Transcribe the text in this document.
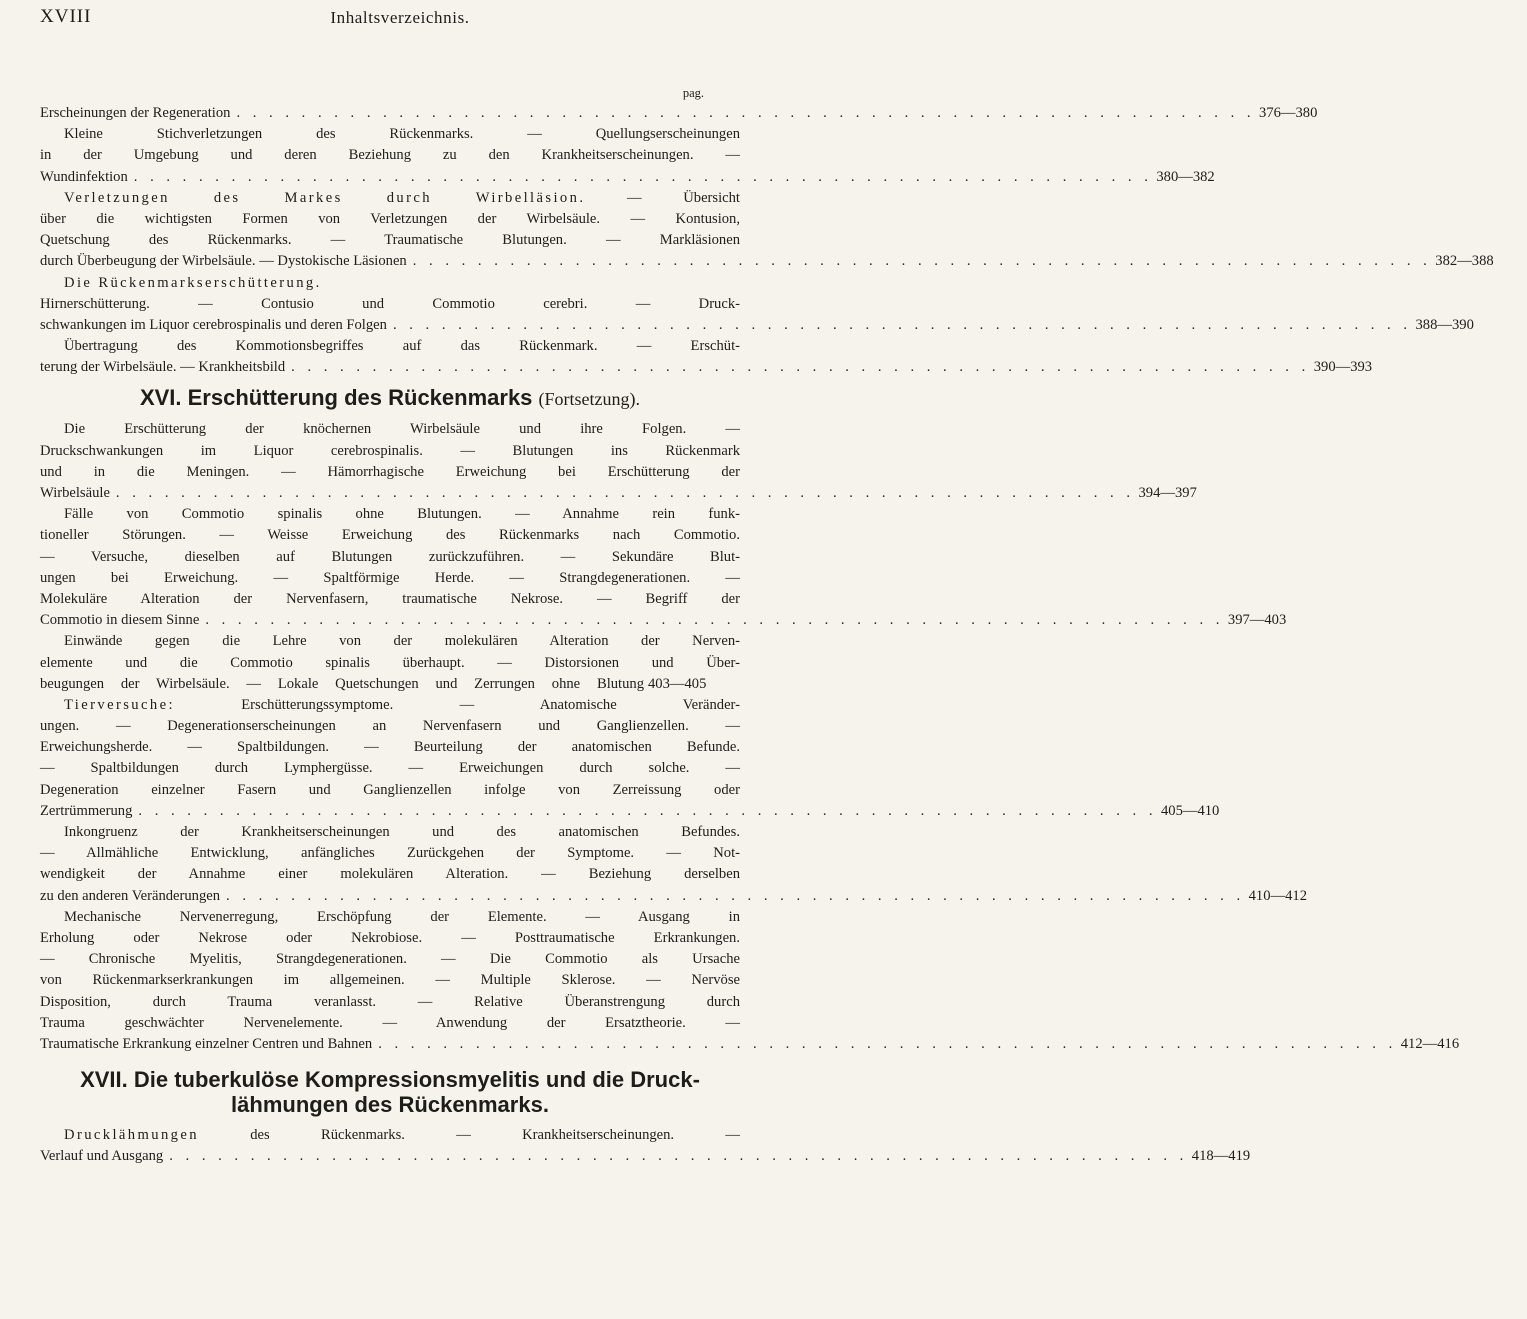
XVIII	Inhaltsverzeichnis.
pag.
Erscheinungen der Regeneration . . . . . . . . . . . . . . . . . . . . . . . . . . . . . . . . . . . . . . . . . . . . . . . . . . . . . . . . . . . . . . . 376—380
Kleine Stichverletzungen des Rückenmarks. — Quellungserscheinungen
in der Umgebung und deren Beziehung zu den Krankheitserscheinungen. —
Wundinfektion . . . . . . . . . . . . . . . . . . . . . . . . . . . . . . . . . . . . . . . . . . . . . . . . . . . . . . . . . . . . . . . 380—382
Verletzungen des Markes durch Wirbelläsion. — Übersicht
über die wichtigsten Formen von Verletzungen der Wirbelsäule. — Kontusion,
Quetschung des Rückenmarks. — Traumatische Blutungen. — Markläsionen
durch Überbeugung der Wirbelsäule. — Dystokische Läsionen . . . . . . . . . . . . . . . . . . . . . . . . . . . . . . . . . . . . . . . . . . . . . . . . . . . . . . . . . . . . . . . 382—388
Die Rückenmarkserschütterung.
Hirnerschütterung. — Contusio und Commotio cerebri. — Druck-
schwankungen im Liquor cerebrospinalis und deren Folgen . . . . . . . . . . . . . . . . . . . . . . . . . . . . . . . . . . . . . . . . . . . . . . . . . . . . . . . . . . . . . . . 388—390
Übertragung des Kommotionsbegriffes auf das Rückenmark. — Erschüt-
terung der Wirbelsäule. — Krankheitsbild . . . . . . . . . . . . . . . . . . . . . . . . . . . . . . . . . . . . . . . . . . . . . . . . . . . . . . . . . . . . . . . 390—393
XVI. Erschütterung des Rückenmarks (Fortsetzung).
Die Erschütterung der knöchernen Wirbelsäule und ihre Folgen. —
Druckschwankungen im Liquor cerebrospinalis. — Blutungen ins Rückenmark
und in die Meningen. — Hämorrhagische Erweichung bei Erschütterung der
Wirbelsäule . . . . . . . . . . . . . . . . . . . . . . . . . . . . . . . . . . . . . . . . . . . . . . . . . . . . . . . . . . . . . . . 394—397
Fälle von Commotio spinalis ohne Blutungen. — Annahme rein funk-
tioneller Störungen. — Weisse Erweichung des Rückenmarks nach Commotio.
— Versuche, dieselben auf Blutungen zurückzuführen. — Sekundäre Blut-
ungen bei Erweichung. — Spaltförmige Herde. — Strangdegenerationen. —
Molekuläre Alteration der Nervenfasern, traumatische Nekrose. — Begriff der
Commotio in diesem Sinne . . . . . . . . . . . . . . . . . . . . . . . . . . . . . . . . . . . . . . . . . . . . . . . . . . . . . . . . . . . . . . . 397—403
Einwände gegen die Lehre von der molekulären Alteration der Nerven-
elemente und die Commotio spinalis überhaupt. — Distorsionen und Über-
beugungen der Wirbelsäule. — Lokale Quetschungen und Zerrungen ohne Blutung 403—405
Tierversuche: Erschütterungssymptome. — Anatomische Veränder-
ungen. — Degenerationserscheinungen an Nervenfasern und Ganglienzellen. —
Erweichungsherde. — Spaltbildungen. — Beurteilung der anatomischen Befunde.
— Spaltbildungen durch Lymphergüsse. — Erweichungen durch solche. —
Degeneration einzelner Fasern und Ganglienzellen infolge von Zerreissung oder
Zertrümmerung . . . . . . . . . . . . . . . . . . . . . . . . . . . . . . . . . . . . . . . . . . . . . . . . . . . . . . . . . . . . . . . 405—410
Inkongruenz der Krankheitserscheinungen und des anatomischen Befundes.
— Allmähliche Entwicklung, anfängliches Zurückgehen der Symptome. — Not-
wendigkeit der Annahme einer molekulären Alteration. — Beziehung derselben
zu den anderen Veränderungen . . . . . . . . . . . . . . . . . . . . . . . . . . . . . . . . . . . . . . . . . . . . . . . . . . . . . . . . . . . . . . . 410—412
Mechanische Nervenerregung, Erschöpfung der Elemente. — Ausgang in
Erholung oder Nekrose oder Nekrobiose. — Posttraumatische Erkrankungen.
— Chronische Myelitis, Strangdegenerationen. — Die Commotio als Ursache
von Rückenmarkserkrankungen im allgemeinen. — Multiple Sklerose. — Nervöse
Disposition, durch Trauma veranlasst. — Relative Überanstrengung durch
Trauma geschwächter Nervenelemente. — Anwendung der Ersatztheorie. —
Traumatische Erkrankung einzelner Centren und Bahnen . . . . . . . . . . . . . . . . . . . . . . . . . . . . . . . . . . . . . . . . . . . . . . . . . . . . . . . . . . . . . . . 412—416
XVII. Die tuberkulöse Kompressionsmyelitis und die Druck-
lähmungen des Rückenmarks.
Drucklähmungen des Rückenmarks. — Krankheitserscheinungen. —
Verlauf und Ausgang . . . . . . . . . . . . . . . . . . . . . . . . . . . . . . . . . . . . . . . . . . . . . . . . . . . . . . . . . . . . . . . 418—419
